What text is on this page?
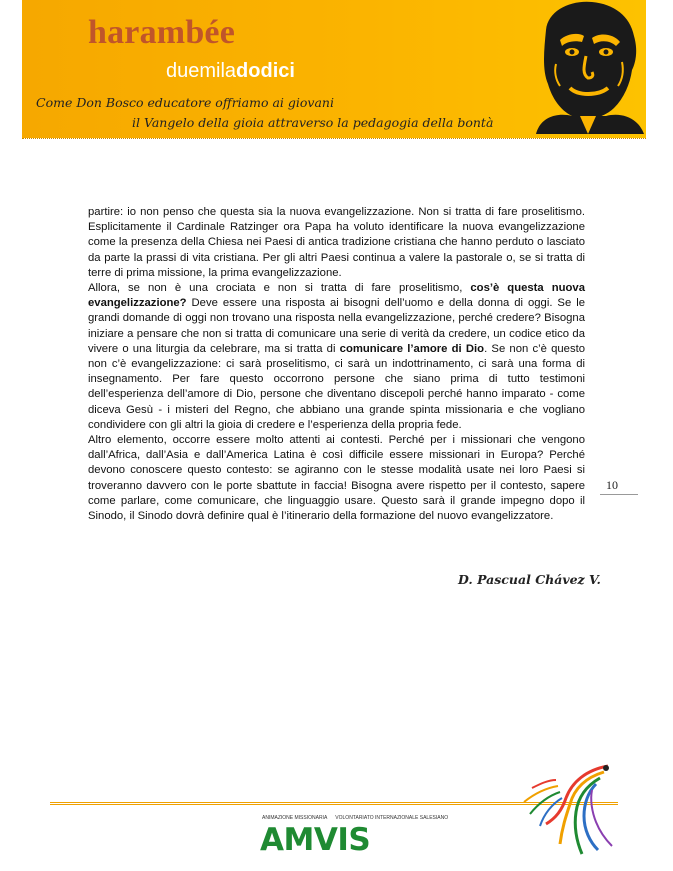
harambée
duemiladodici
Come Don Bosco educatore offriamo ai giovani
il Vangelo della gioia attraverso la pedagogia della bontà

partire: io non penso che questa sia la nuova evangelizzazione. Non si tratta di fare proselitismo. Esplicitamente il Cardinale Ratzinger ora Papa ha voluto identificare la nuova evangelizzazione come la presenza della Chiesa nei Paesi di antica tradizione cristiana che hanno perduto o lasciato da parte la prassi di vita cristiana. Per gli altri Paesi continua a valere la pastorale o, se si tratta di terre di prima missione, la prima evangelizzazione.

Allora, se non è una crociata e non si tratta di fare proselitismo, cos’è questa nuova evangelizzazione? Deve essere una risposta ai bisogni dell’uomo e della donna di oggi. Se le grandi domande di oggi non trovano una risposta nella evangelizzazione, perché credere? Bisogna iniziare a pensare che non si tratta di comunicare una serie di verità da credere, un codice etico da vivere o una liturgia da celebrare, ma si tratta di comunicare l’amore di Dio. Se non c’è questo non c’è evangelizzazione: ci sarà proselitismo, ci sarà un indottrinamento, ci sarà una forma di insegnamento. Per fare questo occorrono persone che siano prima di tutto testimoni dell’esperienza dell’amore di Dio, persone che diventano discepoli perché hanno imparato - come diceva Gesù - i misteri del Regno, che abbiano una grande spinta missionaria e che vogliano condividere con gli altri la gioia di credere e l’esperienza della propria fede.

Altro elemento, occorre essere molto attenti ai contesti. Perché per i missionari che vengono dall’Africa, dall’Asia e dall’America Latina è così difficile essere missionari in Europa? Perché devono conoscere questo contesto: se agiranno con le stesse modalità usate nei loro Paesi si troveranno davvero con le porte sbattute in faccia! Bisogna avere rispetto per il contesto, sapere come parlare, come comunicare, che linguaggio usare. Questo sarà il grande impegno dopo il Sinodo, il Sinodo dovrà definire qual è l’itinerario della formazione del nuovo evangelizzatore.

10
D. Pascual Chávez V.
ANIMAZIONE MISSIONARIA VOLONTARIATO INTERNAZIONALE SALESIANO
AMVIS
